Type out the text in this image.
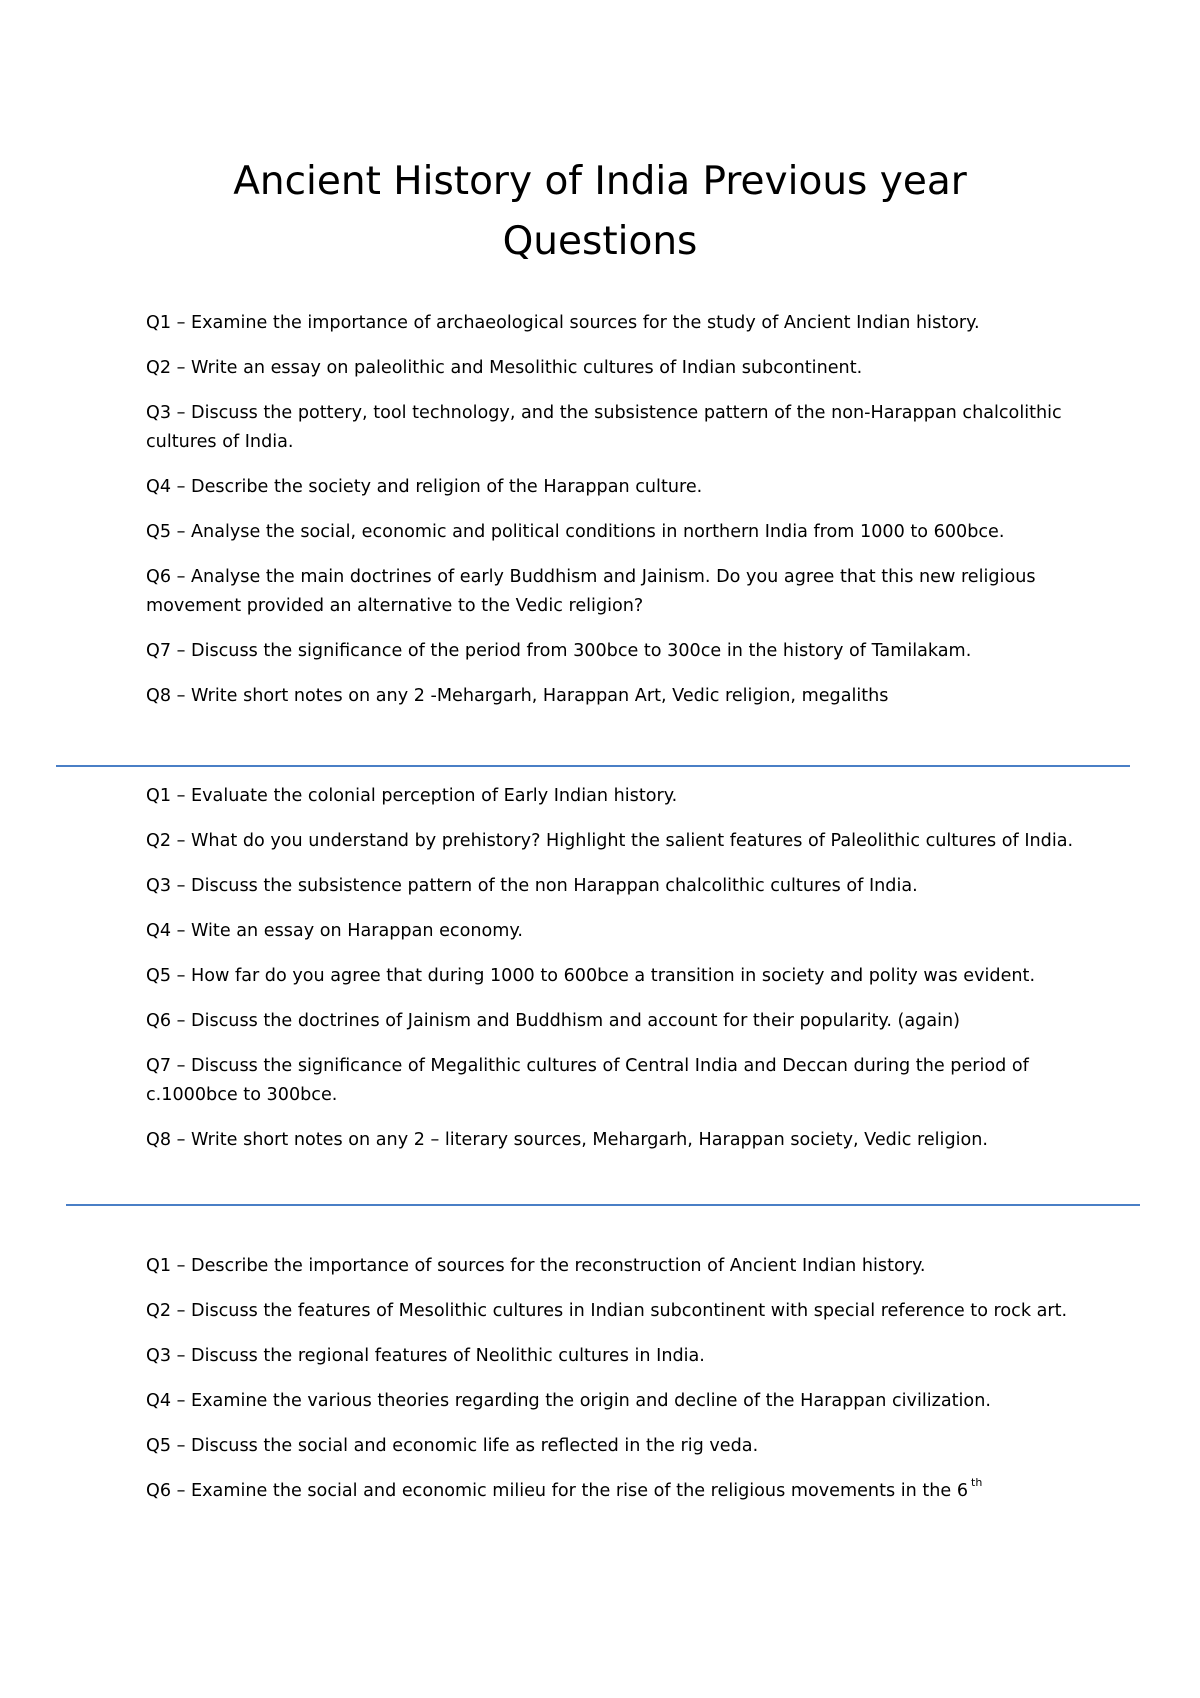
Ancient History of India Previous year
Questions

Q1 – Examine the importance of archaeological sources for the study of Ancient Indian history.

Q2 – Write an essay on paleolithic and Mesolithic cultures of Indian subcontinent.

Q3 – Discuss the pottery, tool technology, and the subsistence pattern of the non-Harappan chalcolithic cultures of India.

Q4 – Describe the society and religion of the Harappan culture.

Q5 – Analyse the social, economic and political conditions in northern India from 1000 to 600bce.

Q6 – Analyse the main doctrines of early Buddhism and Jainism. Do you agree that this new religious movement provided an alternative to the Vedic religion?

Q7 – Discuss the significance of the period from 300bce to 300ce in the history of Tamilakam.

Q8 – Write short notes on any 2 -Mehargarh, Harappan Art, Vedic religion, megaliths

Q1 – Evaluate the colonial perception of Early Indian history.

Q2 – What do you understand by prehistory? Highlight the salient features of Paleolithic cultures of India.

Q3 – Discuss the subsistence pattern of the non Harappan chalcolithic cultures of India.

Q4 – Wite an essay on Harappan economy.

Q5 – How far do you agree that during 1000 to 600bce a transition in society and polity was evident.

Q6 – Discuss the doctrines of Jainism and Buddhism and account for their popularity. (again)

Q7 – Discuss the significance of Megalithic cultures of Central India and Deccan during the period of c.1000bce to 300bce.

Q8 – Write short notes on any 2 – literary sources, Mehargarh, Harappan society, Vedic religion.

Q1 – Describe the importance of sources for the reconstruction of Ancient Indian history.

Q2 – Discuss the features of Mesolithic cultures in Indian subcontinent with special reference to rock art.

Q3 – Discuss the regional features of Neolithic cultures in India.

Q4 – Examine the various theories regarding the origin and decline of the Harappan civilization.

Q5 – Discuss the social and economic life as reflected in the rig veda.

Q6 – Examine the social and economic milieu for the rise of the religious movements in the 6 $^{th}$
